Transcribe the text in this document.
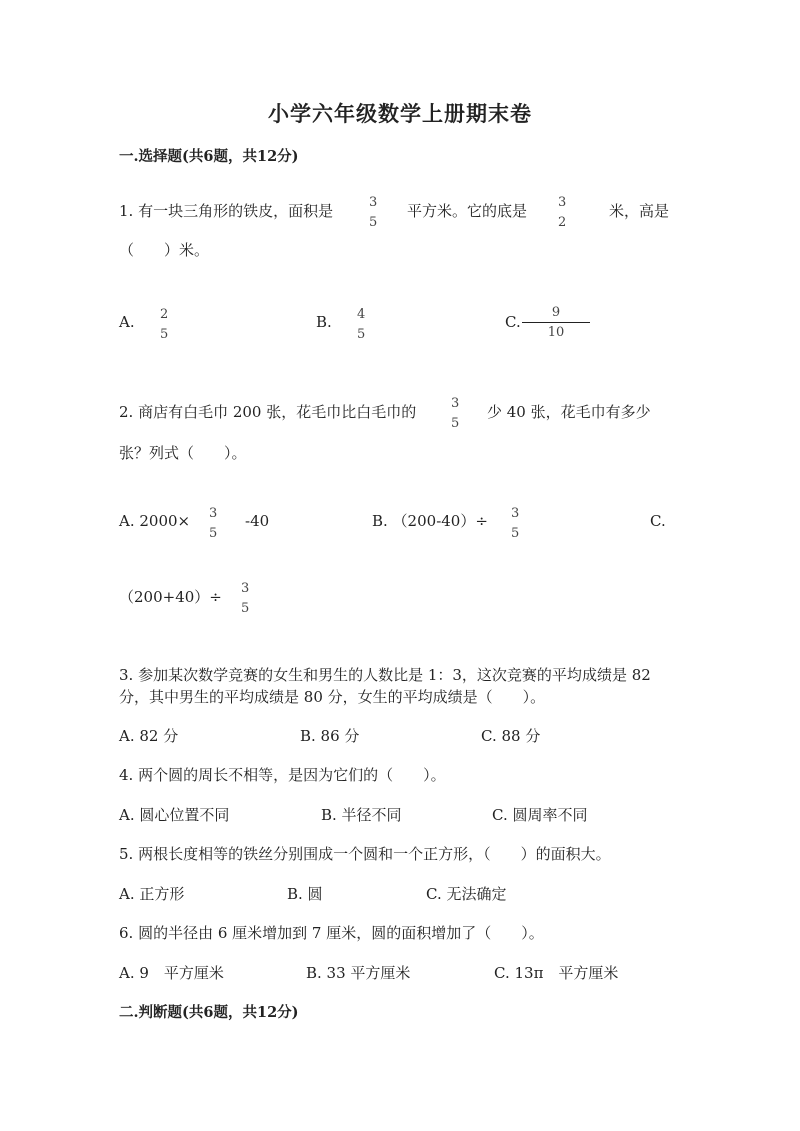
小学六年级数学上册期末卷
一.选择题(共6题，共12分)
1. 有一块三角形的铁皮，面积是	3
5
平方米。它的底是 3
2
米，高是
（　　）米。
A. 2
5
B. 4
5
C.
9
10
2. 商店有白毛巾 200 张，花毛巾比白毛巾的	3
5
少 40 张，花毛巾有多少
张？列式（　　）。
A. 2000× 3
5
-40	B. （200-40）÷ 3
5
C.
（200+40）÷ 3
5
3. 参加某次数学竞赛的女生和男生的人数比是 1：3，这次竞赛的平均成绩是 82
分，其中男生的平均成绩是 80 分，女生的平均成绩是（　　）。
A. 82 分	B. 86 分	C. 88 分
4. 两个圆的周长不相等，是因为它们的（　　）。
A. 圆心位置不同	B. 半径不同	C. 圆周率不同
5. 两根长度相等的铁丝分别围成一个圆和一个正方形，（　　）的面积大。
A. 正方形	B. 圆	C. 无法确定
6. 圆的半径由 6 厘米增加到 7 厘米，圆的面积增加了（　　）。
A. 9　平方厘米	B. 33 平方厘米	C. 13π　平方厘米
二.判断题(共6题，共12分)
